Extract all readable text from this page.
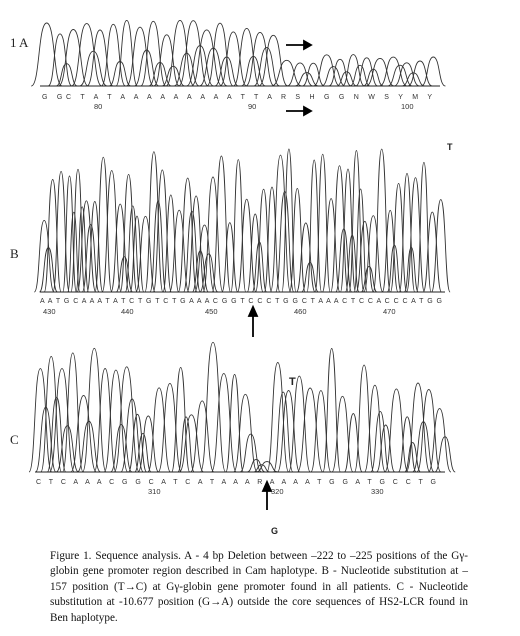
G GC T A T A A A A A A A A A T T A R S H G G N W S Y M Y
A A T G C A A A T A T C T G T C T G A A A C G G T C C C T G G C T A A A C T C C A C C C A T G G
C T C A A A C G G C A T C A T A A A R A A A A T G G A T G C C T G
80	90	100
430	440	450	460	470
310	320	330
1 A
B
C
T
T
G

Figure 1. Sequence analysis. A - 4 bp Deletion between –222 to –225 positions of the Gγ-globin gene promoter region described in Cam haplotype. B - Nucleotide substitution at –157 position (T→C) at Gγ-globin gene promoter found in all patients. C - Nucleotide substitution at -10.677 position (G→A) outside the core sequences of HS2-LCR found in Ben haplotype.
